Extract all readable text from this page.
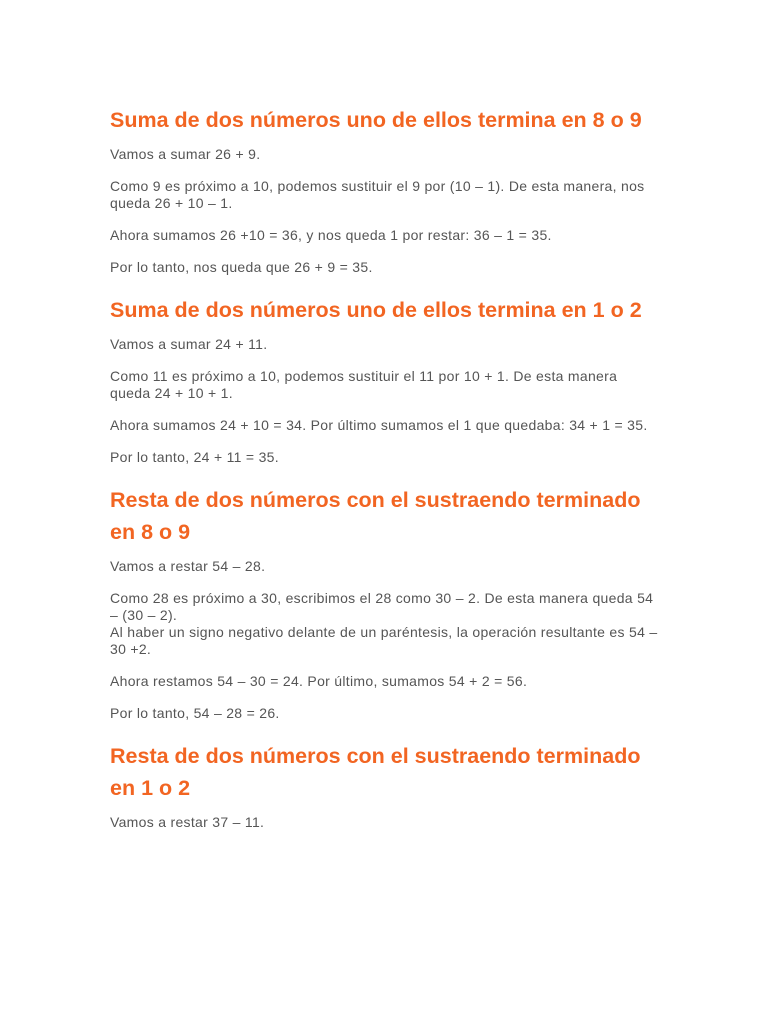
Suma de dos números uno de ellos termina en 8 o 9

Vamos a sumar 26 + 9.

Como 9 es próximo a 10, podemos sustituir el 9 por (10 – 1). De esta manera, nos queda 26 + 10 – 1.

Ahora sumamos 26 +10 = 36, y nos queda 1 por restar: 36 – 1 = 35.

Por lo tanto, nos queda que 26 + 9 = 35.

Suma de dos números uno de ellos termina en 1 o 2

Vamos a sumar 24 + 11.

Como 11 es próximo a 10, podemos sustituir el 11 por 10 + 1. De esta manera queda 24 + 10 + 1.

Ahora sumamos 24 + 10 = 34. Por último sumamos el 1 que quedaba: 34 + 1 = 35.

Por lo tanto, 24 + 11 = 35.

Resta de dos números con el sustraendo terminado en 8 o 9

Vamos a restar 54 – 28.

Como 28 es próximo a 30, escribimos el 28 como 30 – 2. De esta manera queda 54 – (30 – 2).
Al haber un signo negativo delante de un paréntesis, la operación resultante es 54 – 30 +2.

Ahora restamos 54 – 30 = 24. Por último, sumamos 54 + 2 = 56.

Por lo tanto, 54 – 28 = 26.

Resta de dos números con el sustraendo terminado en 1 o 2

Vamos a restar 37 – 11.
